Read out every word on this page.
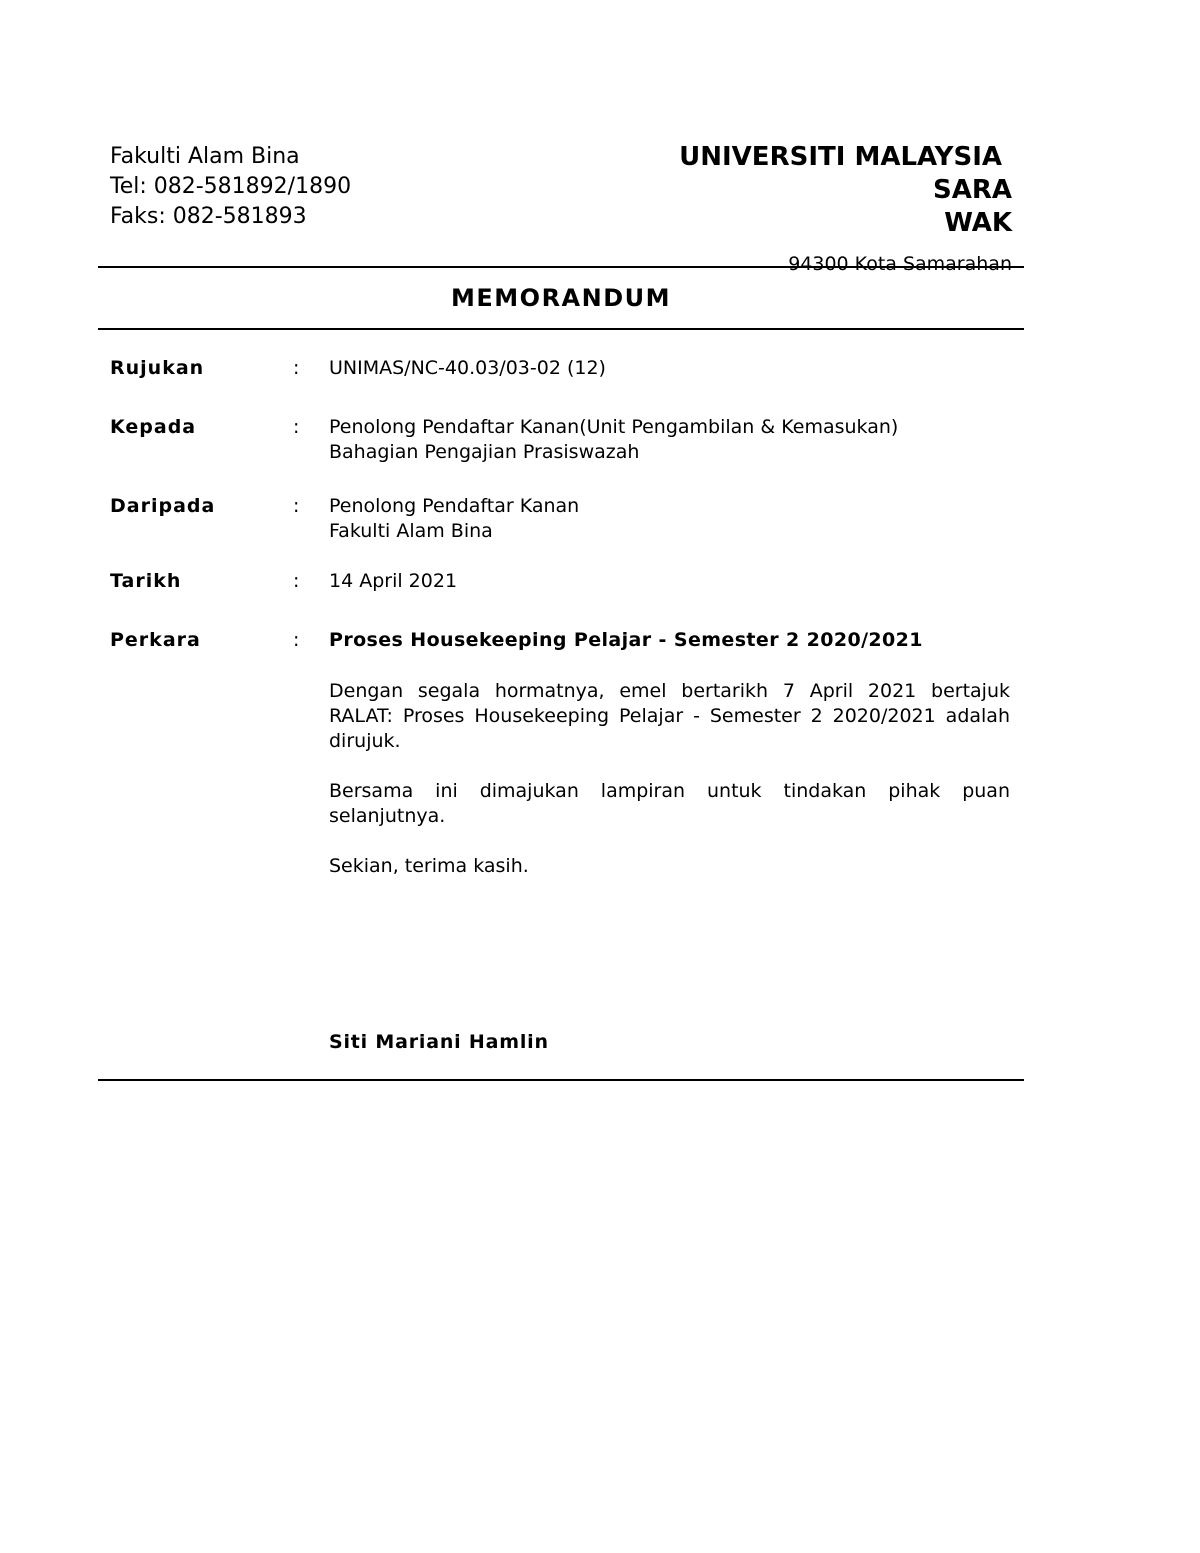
Fakulti Alam Bina
Tel: 082-581892/1890
Faks: 082-581893
UNIVERSITI MALAYSIA
SARA
WAK
94300 Kota Samarahan
MEMORANDUM
Rujukan	: UNIMAS/NC-40.03/03-02 (12)
Kepada	: Penolong Pendaftar Kanan(Unit Pengambilan & Kemasukan)
Bahagian Pengajian Prasiswazah
Daripada	: Penolong Pendaftar Kanan
Fakulti Alam Bina
Tarikh	: 14 April 2021
Perkara	: Proses Housekeeping Pelajar - Semester 2 2020/2021
Dengan segala hormatnya, emel bertarikh 7 April 2021 bertajuk RALAT: Proses Housekeeping Pelajar - Semester 2 2020/2021 adalah dirujuk.
Bersama ini dimajukan lampiran untuk tindakan pihak puan selanjutnya.
Sekian, terima kasih.
Siti Mariani Hamlin
